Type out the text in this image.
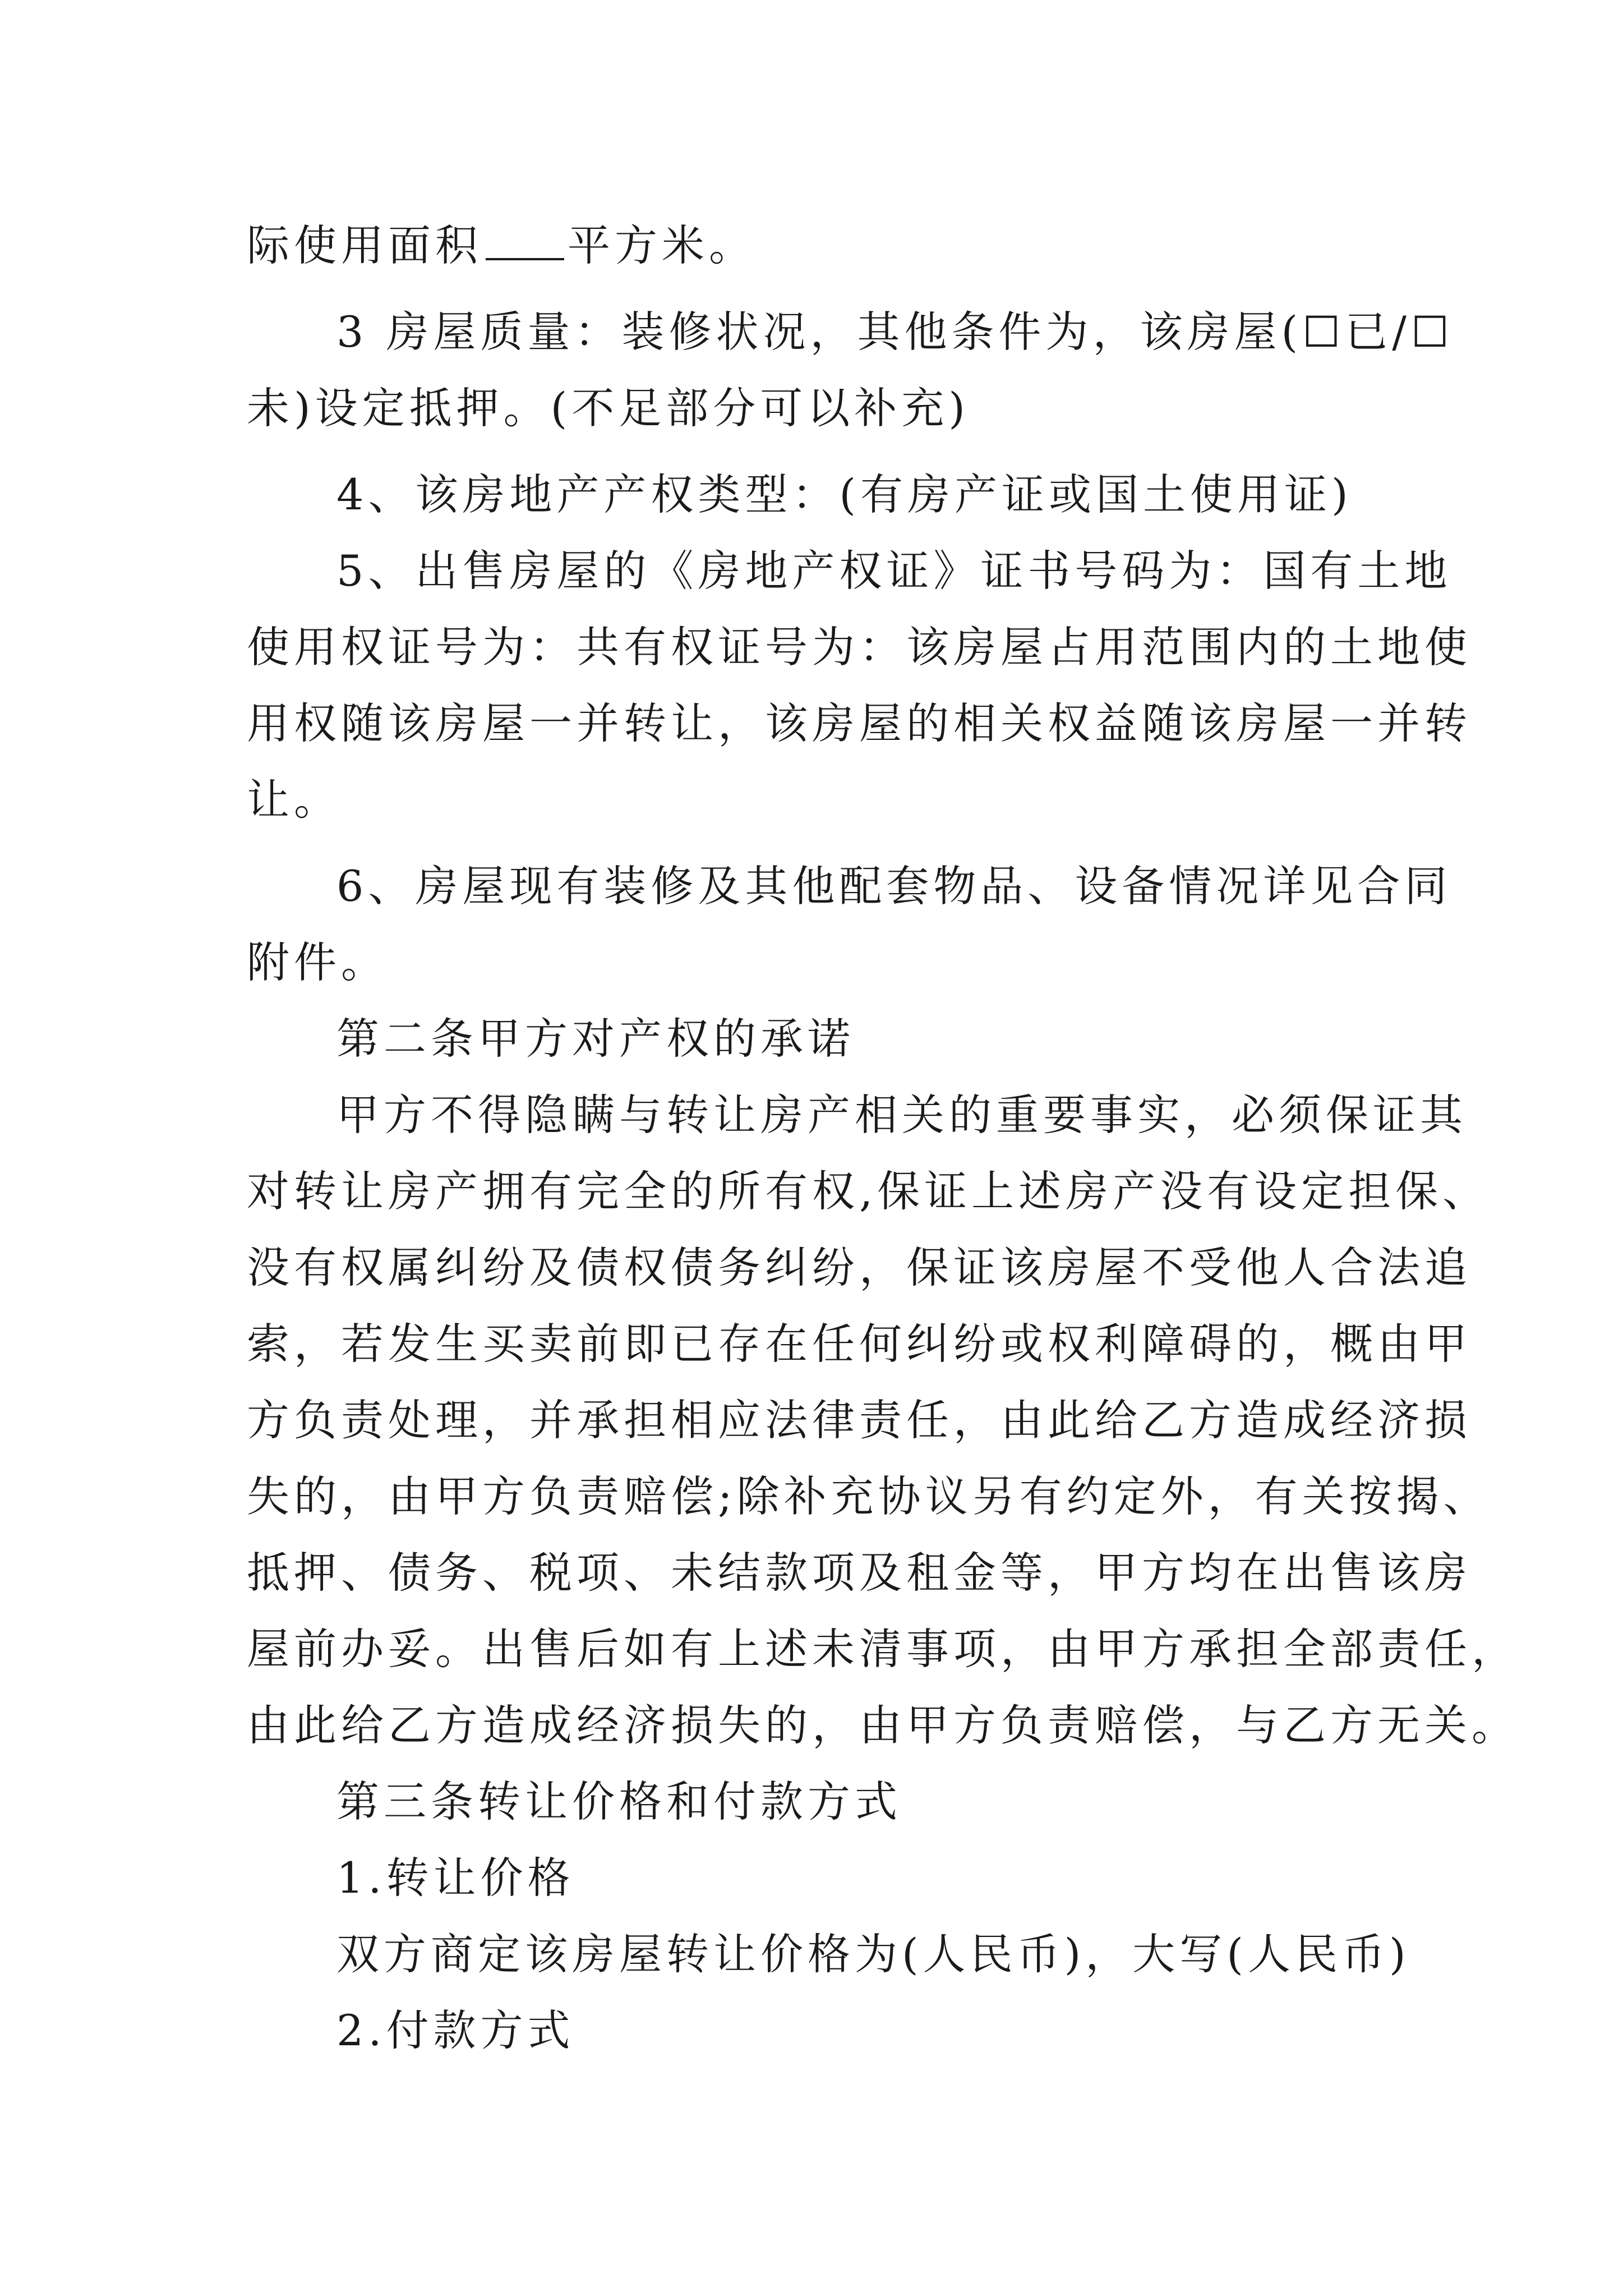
际使用面积 平方米。
3 房屋质量：装修状况，其他条件为，该房屋(☐已/☐
未)设定抵押。(不足部分可以补充)
4、该房地产产权类型：(有房产证或国土使用证)
5、出售房屋的《房地产权证》证书号码为：国有土地
使用权证号为：共有权证号为：该房屋占用范围内的土地使
用权随该房屋一并转让，该房屋的相关权益随该房屋一并转
让。
6、房屋现有装修及其他配套物品、设备情况详见合同
附件。
第二条甲方对产权的承诺
甲方不得隐瞒与转让房产相关的重要事实，必须保证其
对转让房产拥有完全的所有权,保证上述房产没有设定担保、
没有权属纠纷及债权债务纠纷，保证该房屋不受他人合法追
索，若发生买卖前即已存在任何纠纷或权利障碍的，概由甲
方负责处理，并承担相应法律责任，由此给乙方造成经济损
失的，由甲方负责赔偿;除补充协议另有约定外，有关按揭、
抵押、债务、税项、未结款项及租金等，甲方均在出售该房
屋前办妥。出售后如有上述未清事项，由甲方承担全部责任，
由此给乙方造成经济损失的，由甲方负责赔偿，与乙方无关。
第三条转让价格和付款方式
1.转让价格
双方商定该房屋转让价格为(人民币)，大写(人民币)
2.付款方式
